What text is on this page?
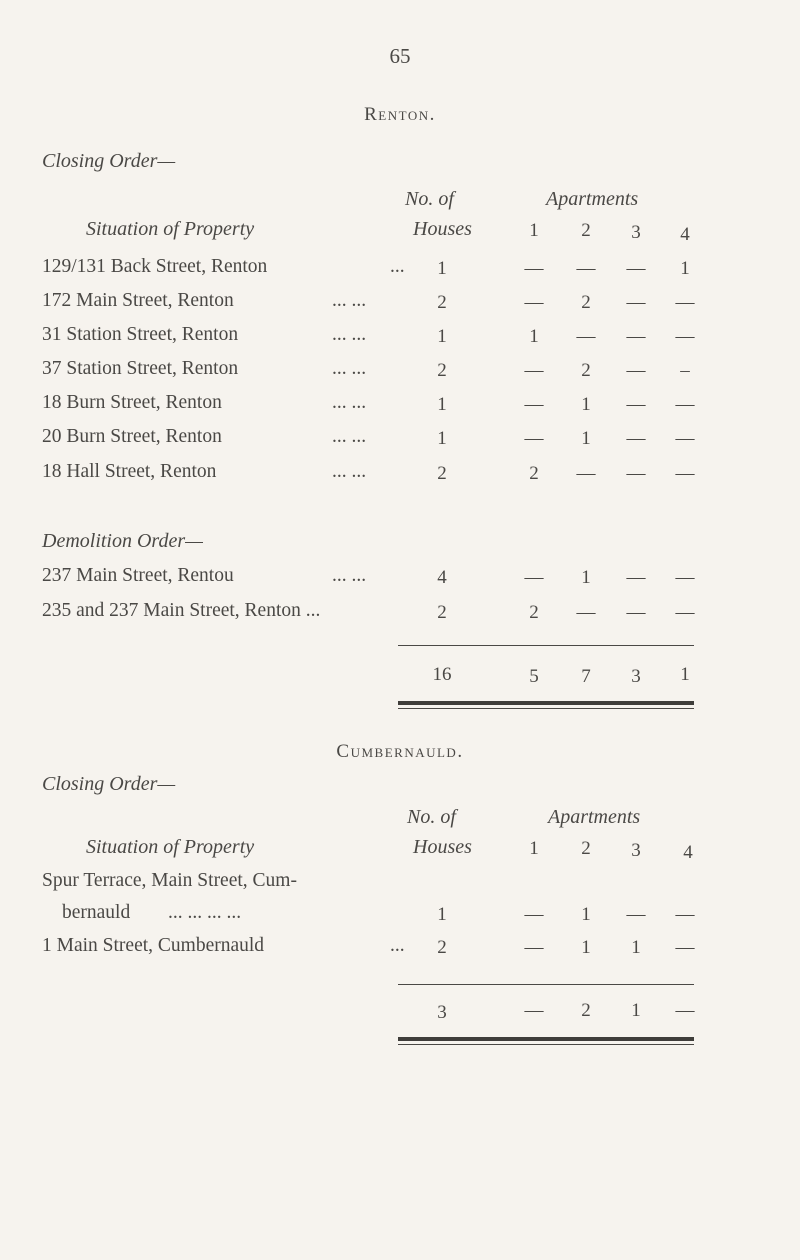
65
Renton.
Closing Order—
No. of	Apartments
Situation of Property	Houses	1	2	3	4
129/131 Back Street, Renton	...	1	—	—	—	1
172 Main Street, Renton	... ...	2	—	2	—	—
31 Station Street, Renton	... ...	1	1	—	—	—
37 Station Street, Renton	... ...	2	—	2	—	–
18 Burn Street, Renton	... ...	1	—	1	—	—
20 Burn Street, Renton	... ...	1	—	1	—	—
18 Hall Street, Renton	... ...	2	2	—	—	—
Demolition Order—
237 Main Street, Rentou	... ...	4	—	1	—	—
235 and 237 Main Street, Renton ...	2	2	—	—	—
16	5	7	3	1
Cumbernauld.
Closing Order—
No. of	Apartments
Situation of Property	Houses	1	2	3	4
Spur Terrace, Main Street, Cum-
bernauld ... ... ... ...	1	—	1	—	—
1 Main Street, Cumbernauld	...	2	—	1	1	—
3	—	2	1	—
